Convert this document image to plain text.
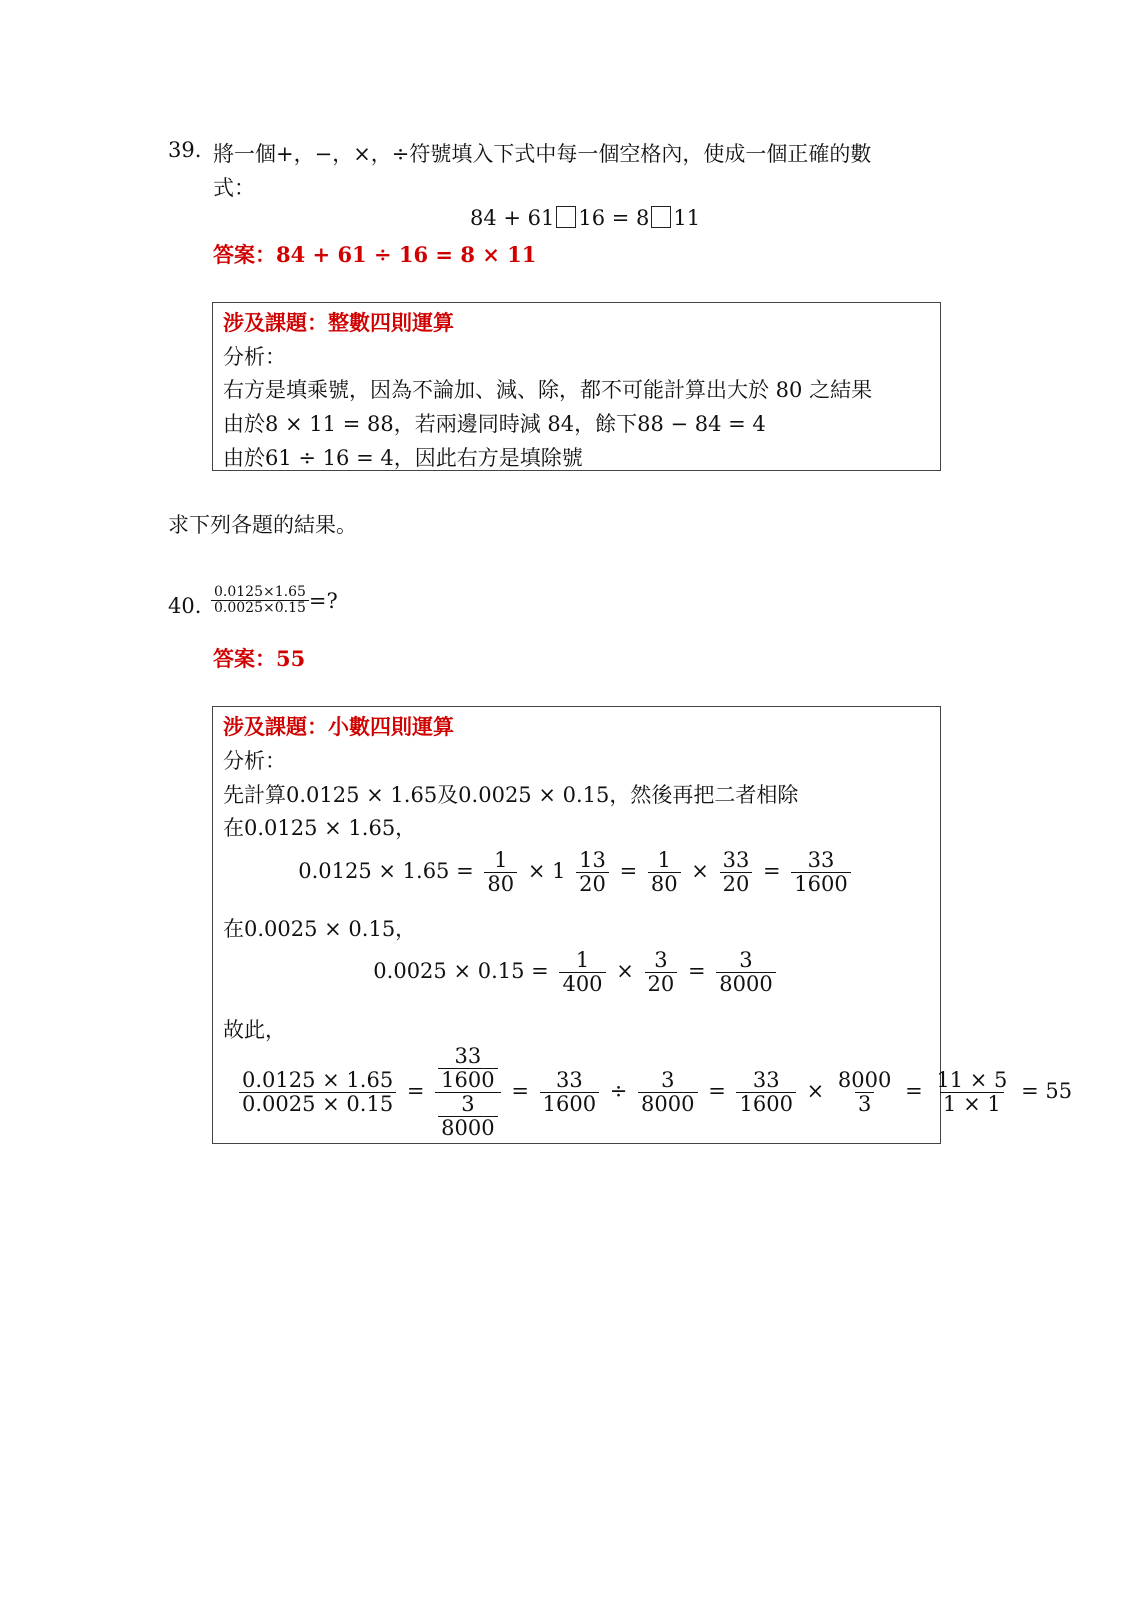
39. 將一個+，−，×，÷符號填入下式中每一個空格內，使成一個正確的數
式：
84 + 61 16 = 8 11
答案：84 + 61 ÷ 16 = 8 × 11
涉及課題：整數四則運算
分析：
右方是填乘號，因為不論加、減、除，都不可能計算出大於 80 之結果
由於8 × 11 = 88，若兩邊同時減 84，餘下88 − 84 = 4
由於61 ÷ 16 = 4，因此右方是填除號
求下列各題的結果。
40. $\frac{0.0125\times 1.65}{0.0025\times 0.15}$ =?
答案：55
涉及課題：小數四則運算
分析：
先計算0.0125 × 1.65及0.0025 × 0.15，然後再把二者相除
在0.0125 × 1.65，
$0.0125 \times 1.65 = \frac{1}{80} \times 1 \frac{13}{20} = \frac{1}{80} \times \frac{33}{20} = \frac{33}{1600}$
在0.0025 × 0.15，
$0.0025 \times 0.15 = \frac{1}{400} \times \frac{3}{20} = \frac{3}{8000}$
故此，
$\frac{0.0125 \times 1.65}{0.0025 \times 0.15} = \frac{\frac{33}{1600}}{\frac{3}{8000}} = \frac{33}{1600} \div \frac{3}{8000} = \frac{33}{1600} \times \frac{8000}{3} = \frac{11 \times 5}{1 \times 1} = 55$
